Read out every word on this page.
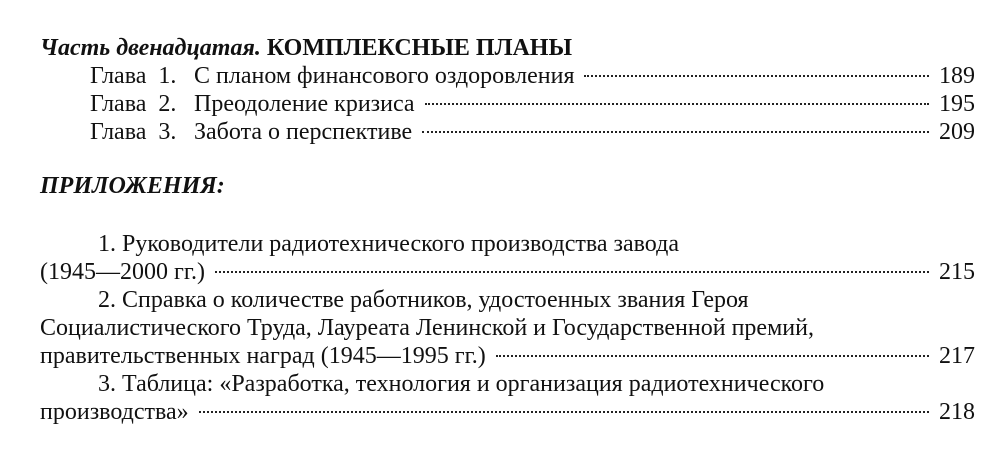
Часть двенадцатая. КОМПЛЕКСНЫЕ ПЛАНЫ
Глава 1. С планом финансового оздоровления	189
Глава 2. Преодоление кризиса	195
Глава 3. Забота о перспективе	209
ПРИЛОЖЕНИЯ:
1. Руководители радиотехнического производства завода
(1945—2000 гг.)	215
2. Справка о количестве работников, удостоенных звания Героя
Социалистического Труда, Лауреата Ленинской и Государственной премий,
правительственных наград (1945—1995 гг.)	217
3. Таблица: «Разработка, технология и организация радиотехнического
производства»	218
